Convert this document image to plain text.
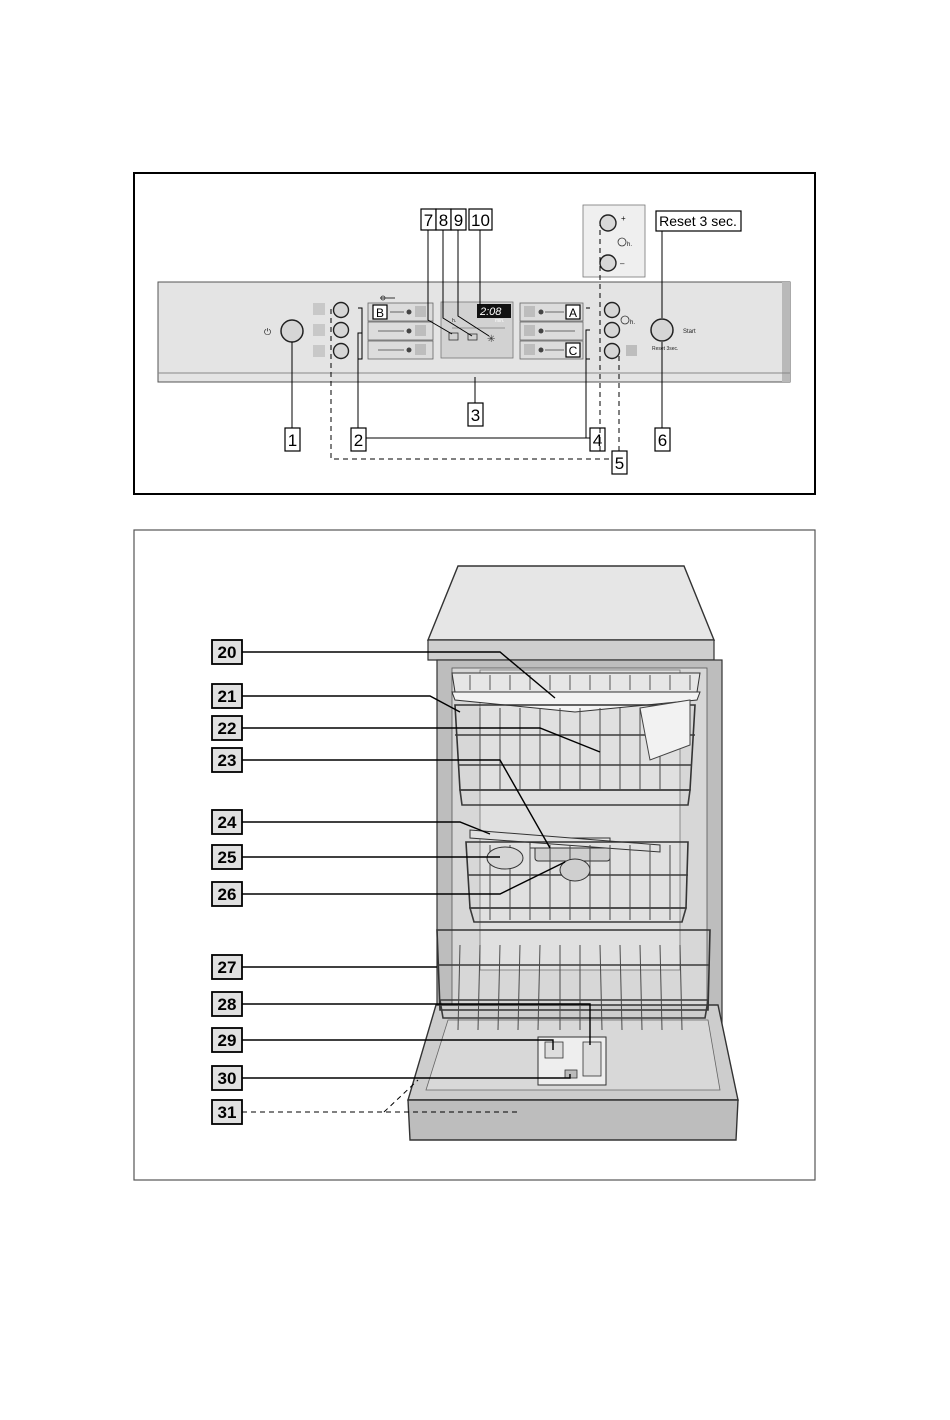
+
h.
–
Reset 3 sec.
⏻
B	2:08
min.
h.
✳
A
C
h.
Start
Reset 3sec.
7 8 9 10
1	2
3
4
5
6
20
21
22
23
24
25
26
27
28
29
30
31
